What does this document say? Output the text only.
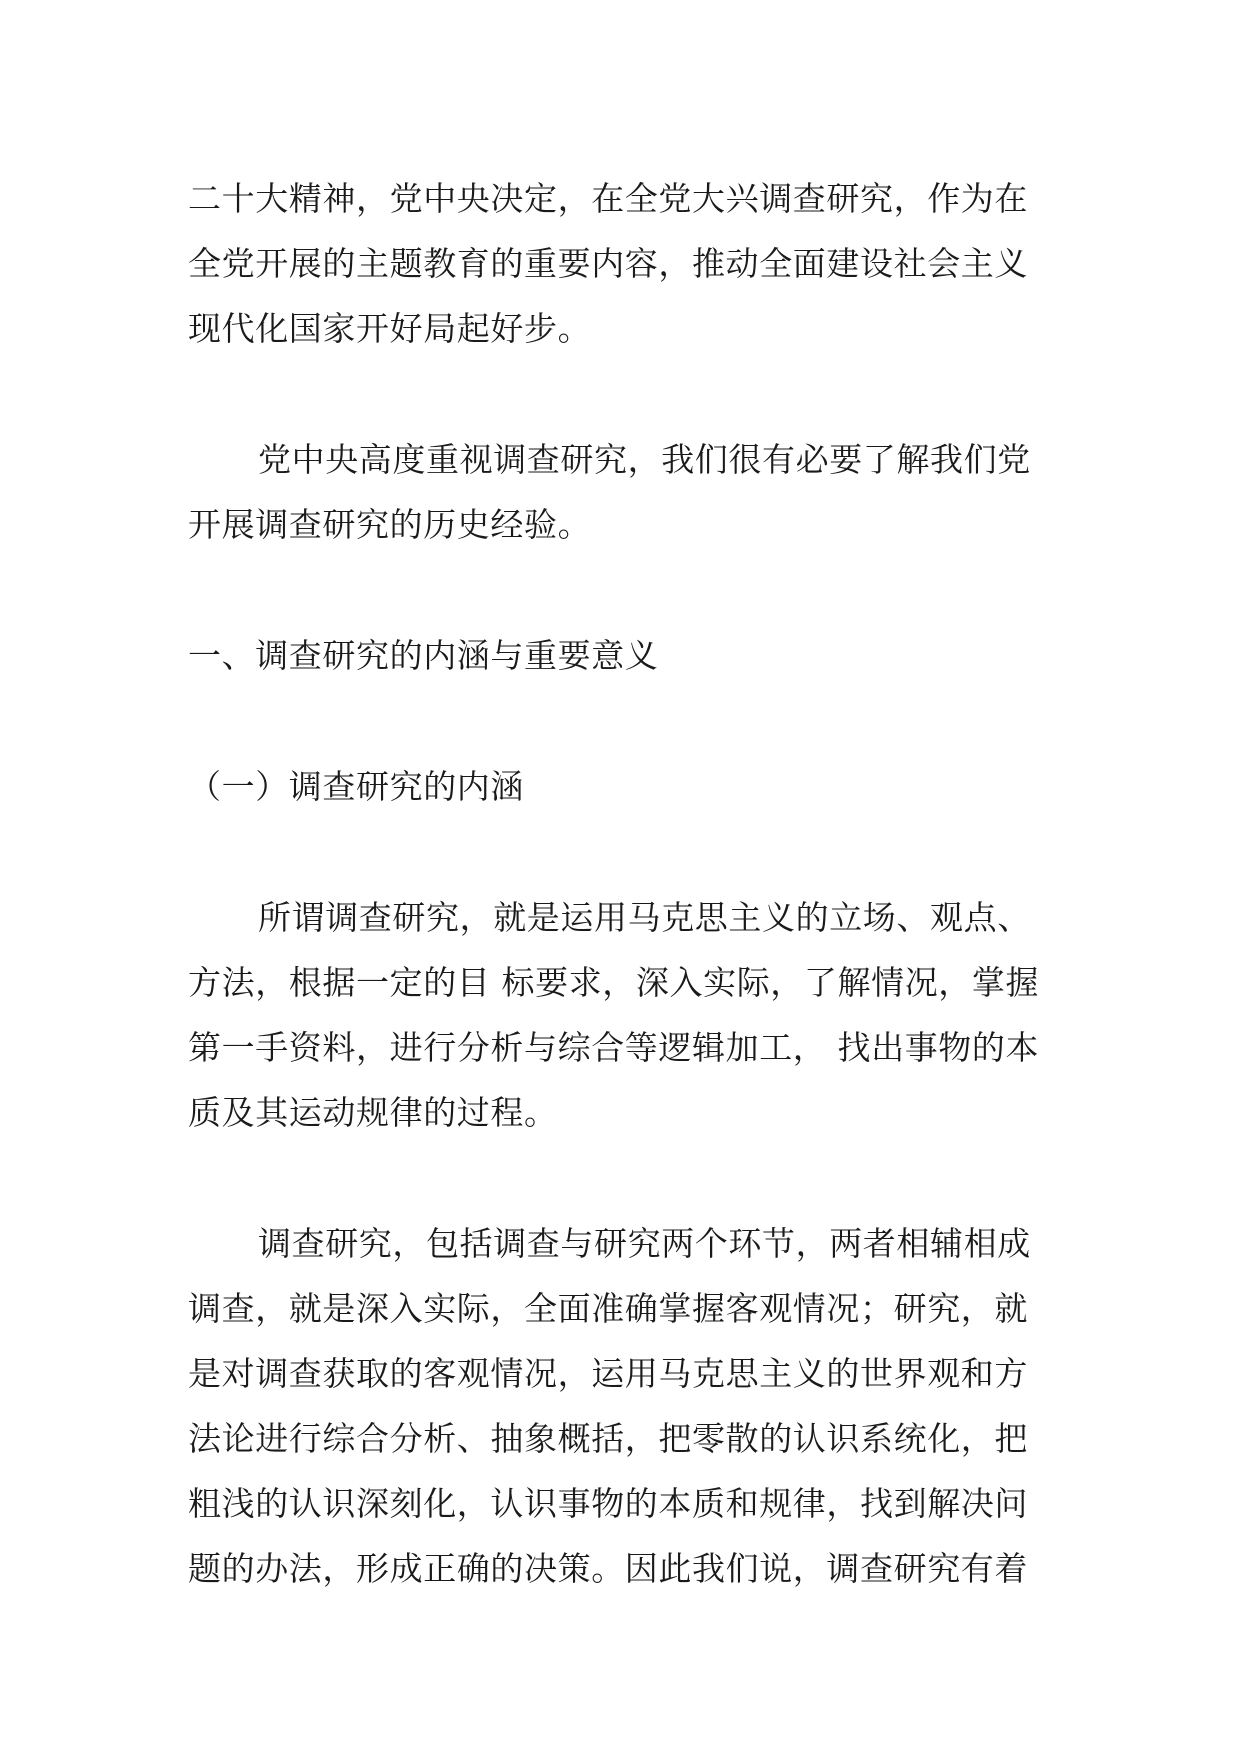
二十大精神，党中央决定，在全党大兴调查研究，作为在
全党开展的主题教育的重要内容，推动全面建设社会主义
现代化国家开好局起好步。
党中央高度重视调查研究，我们很有必要了解我们党
开展调查研究的历史经验。
一、调查研究的内涵与重要意义
（一）调查研究的内涵
所谓调查研究，就是运用马克思主义的立场、观点、
方法，根据一定的目 标要求，深入实际，了解情况，掌握
第一手资料，进行分析与综合等逻辑加工， 找出事物的本
质及其运动规律的过程。
调查研究，包括调查与研究两个环节，两者相辅相成
调查，就是深入实际，全面准确掌握客观情况；研究，就
是对调查获取的客观情况，运用马克思主义的世界观和方
法论进行综合分析、抽象概括，把零散的认识系统化，把
粗浅的认识深刻化，认识事物的本质和规律，找到解决问
题的办法，形成正确的决策。因此我们说，调查研究有着
